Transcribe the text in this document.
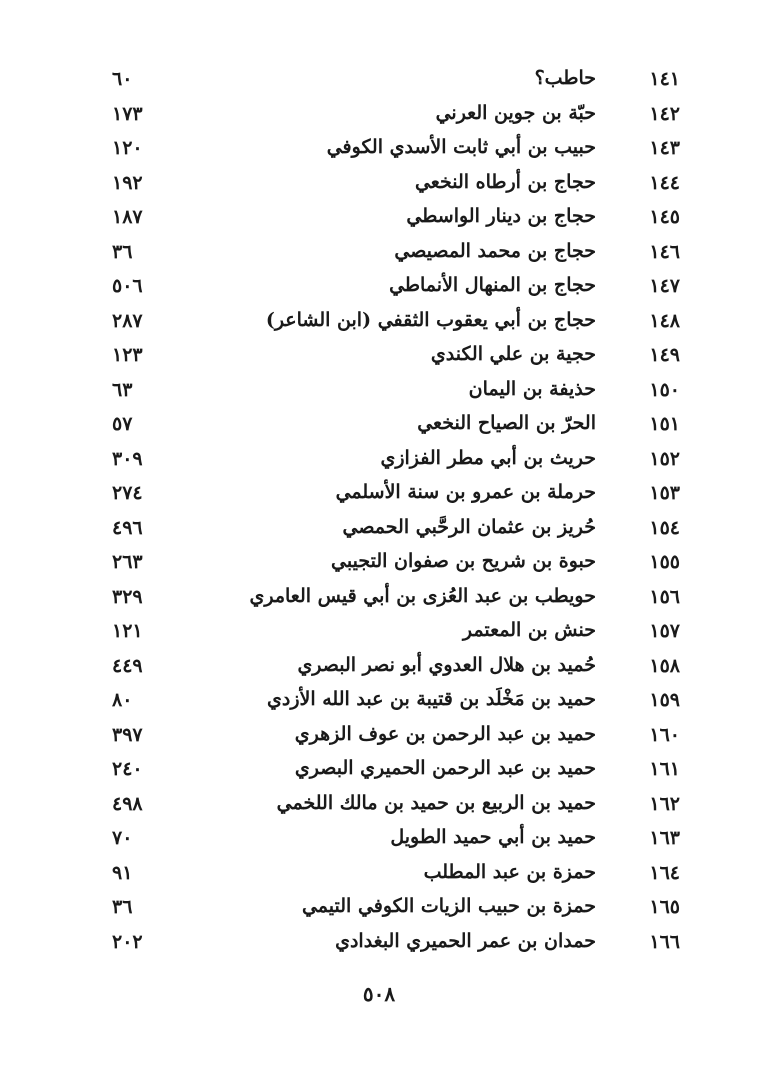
١٤١
حاطب؟
٦٠
١٤٢
حبّة بن جوين العرني
١٧٣
١٤٣
حبيب بن أبي ثابت الأسدي الكوفي
١٢٠
١٤٤
حجاج بن أرطاه النخعي
١٩٢
١٤٥
حجاج بن دينار الواسطي
١٨٧
١٤٦
حجاج بن محمد المصيصي
٣٦
١٤٧
حجاج بن المنهال الأنماطي
٥٠٦
١٤٨
حجاج بن أبي يعقوب الثقفي (ابن الشاعر)
٢٨٧
١٤٩
حجية بن علي الكندي
١٢٣
١٥٠
حذيفة بن اليمان
٦٣
١٥١
الحرّ بن الصياح النخعي
٥٧
١٥٢
حريث بن أبي مطر الفزازي
٣٠٩
١٥٣
حرملة بن عمرو بن سنة الأسلمي
٢٧٤
١٥٤
حُريز بن عثمان الرحَّبي الحمصي
٤٩٦
١٥٥
حبوة بن شريح بن صفوان التجيبي
٢٦٣
١٥٦
حويطب بن عبد العُزى بن أبي قيس العامري
٣٢٩
١٥٧
حنش بن المعتمر
١٢١
١٥٨
حُميد بن هلال العدوي أبو نصر البصري
٤٤٩
١٥٩
حميد بن مَخْلَد بن قتيبة بن عبد الله الأزدي
٨٠
١٦٠
حميد بن عبد الرحمن بن عوف الزهري
٣٩٧
١٦١
حميد بن عبد الرحمن الحميري البصري
٢٤٠
١٦٢
حميد بن الربيع بن حميد بن مالك اللخمي
٤٩٨
١٦٣
حميد بن أبي حميد الطويل
٧٠
١٦٤
حمزة بن عبد المطلب
٩١
١٦٥
حمزة بن حبيب الزيات الكوفي التيمي
٣٦
١٦٦
حمدان بن عمر الحميري البغدادي
٢٠٢
٥٠٨
